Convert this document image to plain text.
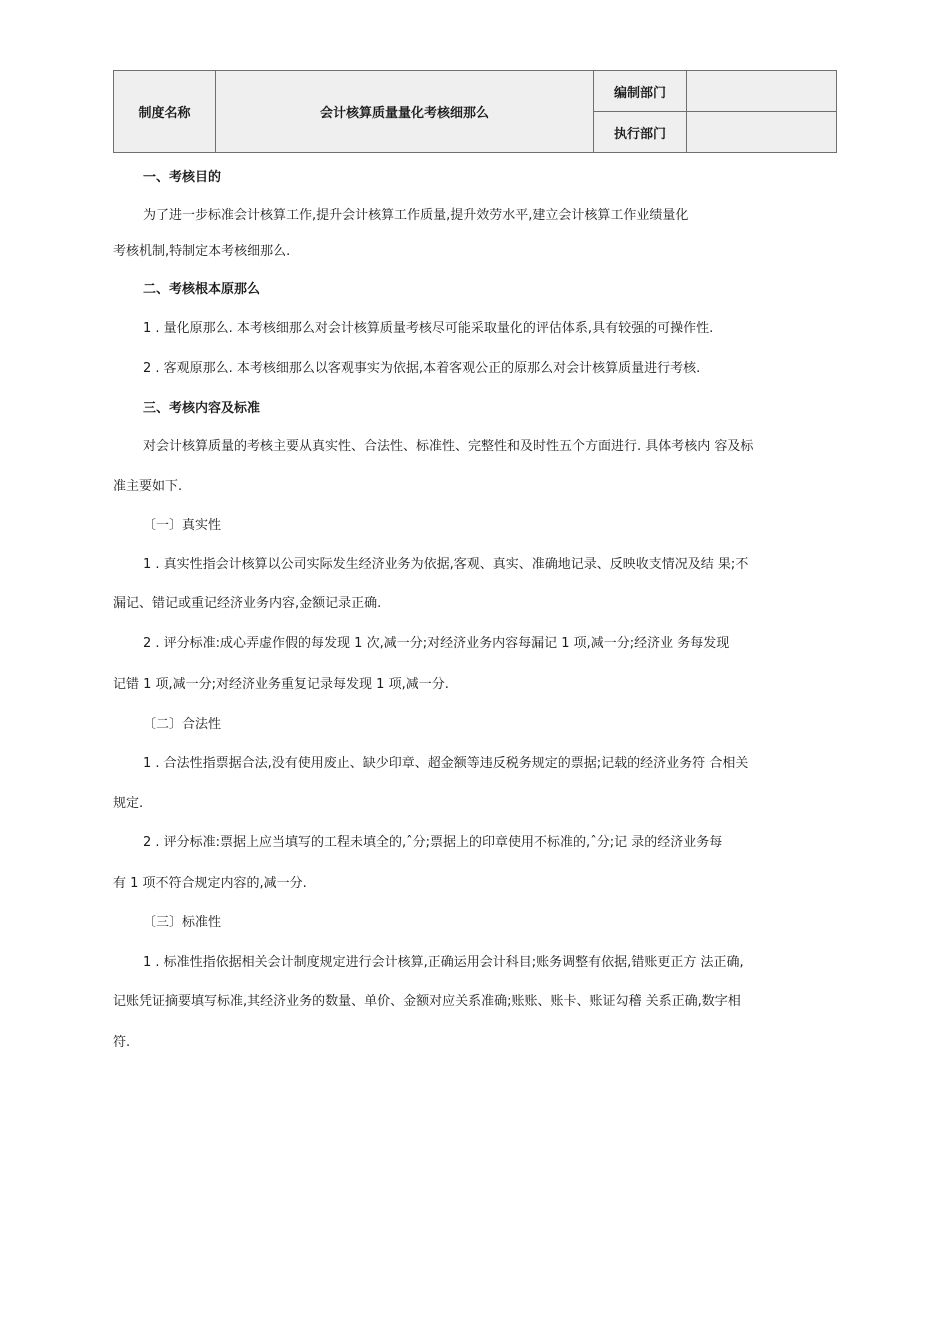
制度名称	会计核算质量量化考核细那么	编制部门	
		执行部门	
一、考核目的
为了进一步标准会计核算工作,提升会计核算工作质量,提升效劳水平,建立会计核算工作业绩量化
考核机制,特制定本考核细那么.
二、考核根本原那么
1 . 量化原那么. 本考核细那么对会计核算质量考核尽可能采取量化的评估体系,具有较强的可操作性.
2 . 客观原那么. 本考核细那么以客观事实为依据,本着客观公正的原那么对会计核算质量进行考核.
三、考核内容及标准
对会计核算质量的考核主要从真实性、合法性、标准性、完整性和及时性五个方面进行. 具体考核内 容及标
准主要如下.
〔一〕真实性
1 . 真实性指会计核算以公司实际发生经济业务为依据,客观、真实、准确地记录、反映收支情况及结 果;不
漏记、错记或重记经济业务内容,金额记录正确.
2 . 评分标准:成心弄虚作假的每发现 1 次,减一分;对经济业务内容每漏记 1 项,减一分;经济业 务每发现
记错 1 项,减一分;对经济业务重复记录每发现 1 项,减一分.
〔二〕合法性
1 . 合法性指票据合法,没有使用废止、缺少印章、超金额等违反税务规定的票据;记载的经济业务符 合相关
规定.
2 . 评分标准:票据上应当填写的工程未填全的,ˆ分;票据上的印章使用不标准的,ˆ分;记 录的经济业务每
有 1 项不符合规定内容的,减一分.
〔三〕标准性
1 . 标准性指依据相关会计制度规定进行会计核算,正确运用会计科目;账务调整有依据,错账更正方 法正确,
记账凭证摘要填写标准,其经济业务的数量、单价、金额对应关系准确;账账、账卡、账证勾稽 关系正确,数字相
符.
